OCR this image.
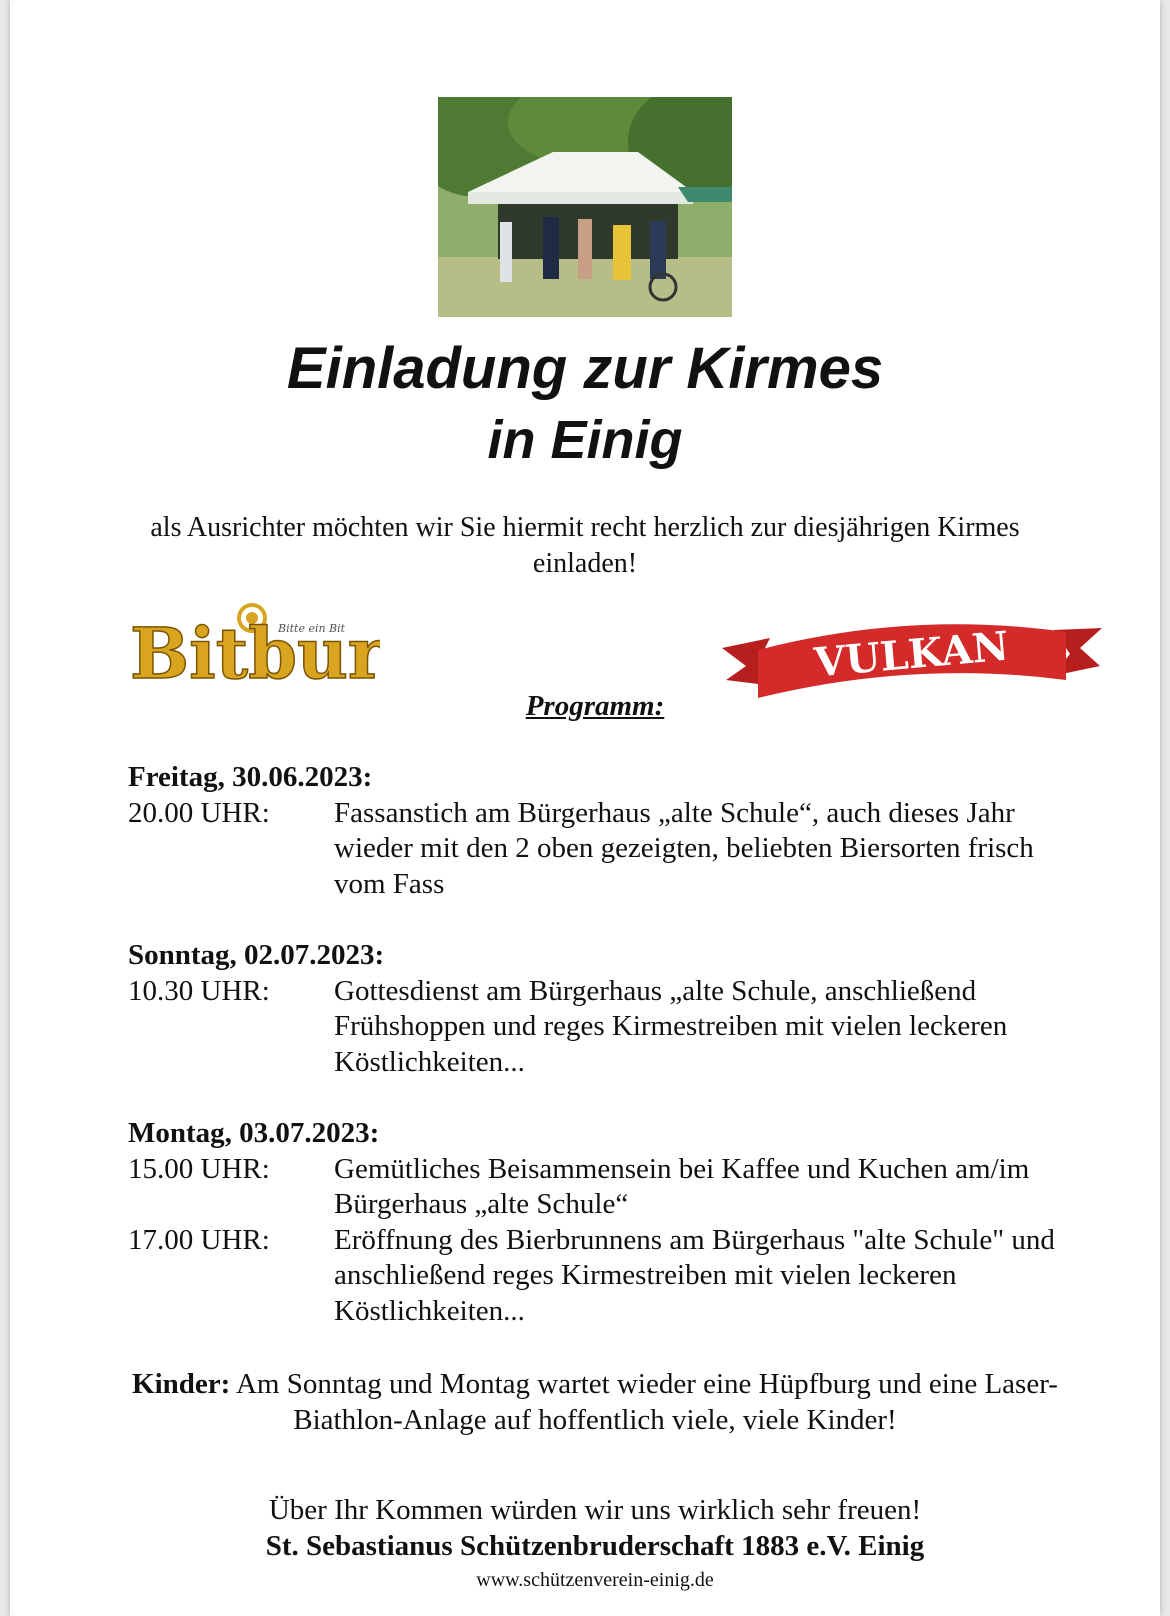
Einladung zur Kirmes
in Einig
als Ausrichter möchten wir Sie hiermit recht herzlich zur diesjährigen Kirmes einladen!
Bitbur
Bitte ein Bit	VULKAN
Programm:
Freitag, 30.06.2023:
20.00 UHR:	Fassanstich am Bürgerhaus „alte Schule“, auch dieses Jahr wieder mit den 2 oben gezeigten, beliebten Biersorten frisch vom Fass
Sonntag, 02.07.2023:
10.30 UHR:	Gottesdienst am Bürgerhaus „alte Schule, anschließend Frühshoppen und reges Kirmestreiben mit vielen leckeren Köstlichkeiten...
Montag, 03.07.2023:
15.00 UHR:	Gemütliches Beisammensein bei Kaffee und Kuchen am/im Bürgerhaus „alte Schule“
17.00 UHR:	Eröffnung des Bierbrunnens am Bürgerhaus "alte Schule" und anschließend reges Kirmestreiben mit vielen leckeren Köstlichkeiten...
Kinder: Am Sonntag und Montag wartet wieder eine Hüpfburg und eine Laser-Biathlon-Anlage auf hoffentlich viele, viele Kinder!
Über Ihr Kommen würden wir uns wirklich sehr freuen!
St. Sebastianus Schützenbruderschaft 1883 e.V. Einig
www.schützenverein-einig.de
